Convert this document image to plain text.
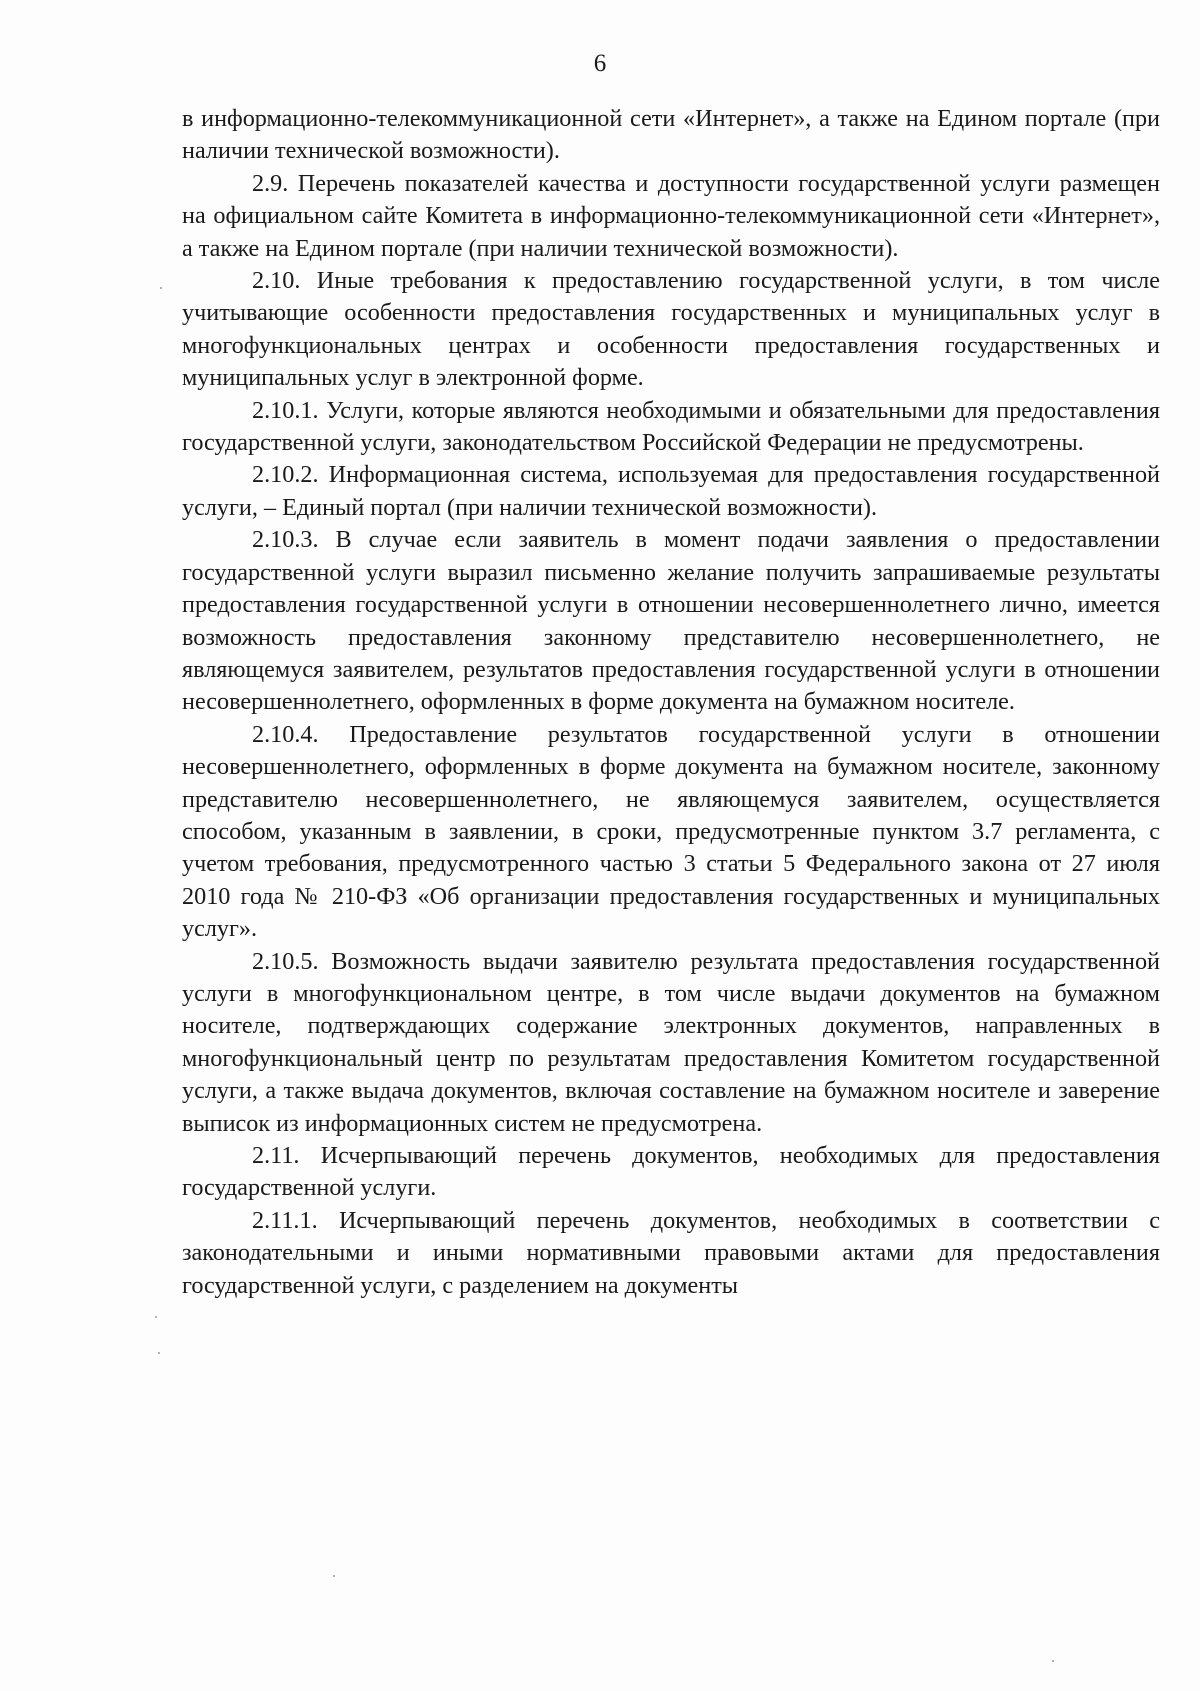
6

в информационно-телекоммуникационной сети «Интернет», а также на Едином портале (при наличии технической возможности).

2.9. Перечень показателей качества и доступности государственной услуги размещен на официальном сайте Комитета в информационно-телекоммуникационной сети «Интернет», а также на Едином портале (при наличии технической возможности).

2.10. Иные требования к предоставлению государственной услуги, в том числе учитывающие особенности предоставления государственных и муниципальных услуг в многофункциональных центрах и особенности предоставления государственных и муниципальных услуг в электронной форме.

2.10.1. Услуги, которые являются необходимыми и обязательными для предоставления государственной услуги, законодательством Российской Федерации не предусмотрены.

2.10.2. Информационная система, используемая для предоставления государственной услуги, – Единый портал (при наличии технической возможности).

2.10.3. В случае если заявитель в момент подачи заявления о предоставлении государственной услуги выразил письменно желание получить запрашиваемые результаты предоставления государственной услуги в отношении несовершеннолетнего лично, имеется возможность предоставления законному представителю несовершеннолетнего, не являющемуся заявителем, результатов предоставления государственной услуги в отношении несовершеннолетнего, оформленных в форме документа на бумажном носителе.

2.10.4. Предоставление результатов государственной услуги в отношении несовершеннолетнего, оформленных в форме документа на бумажном носителе, законному представителю несовершеннолетнего, не являющемуся заявителем, осуществляется способом, указанным в заявлении, в сроки, предусмотренные пунктом 3.7 регламента, с учетом требования, предусмотренного частью 3 статьи 5 Федерального закона от 27 июля 2010 года № 210-ФЗ «Об организации предоставления государственных и муниципальных услуг».

2.10.5. Возможность выдачи заявителю результата предоставления государственной услуги в многофункциональном центре, в том числе выдачи документов на бумажном носителе, подтверждающих содержание электронных документов, направленных в многофункциональный центр по результатам предоставления Комитетом государственной услуги, а также выдача документов, включая составление на бумажном носителе и заверение выписок из информационных систем не предусмотрена.

2.11. Исчерпывающий перечень документов, необходимых для предоставления государственной услуги.

2.11.1. Исчерпывающий перечень документов, необходимых в соответствии с законодательными и иными нормативными правовыми актами для предоставления государственной услуги, с разделением на документы
